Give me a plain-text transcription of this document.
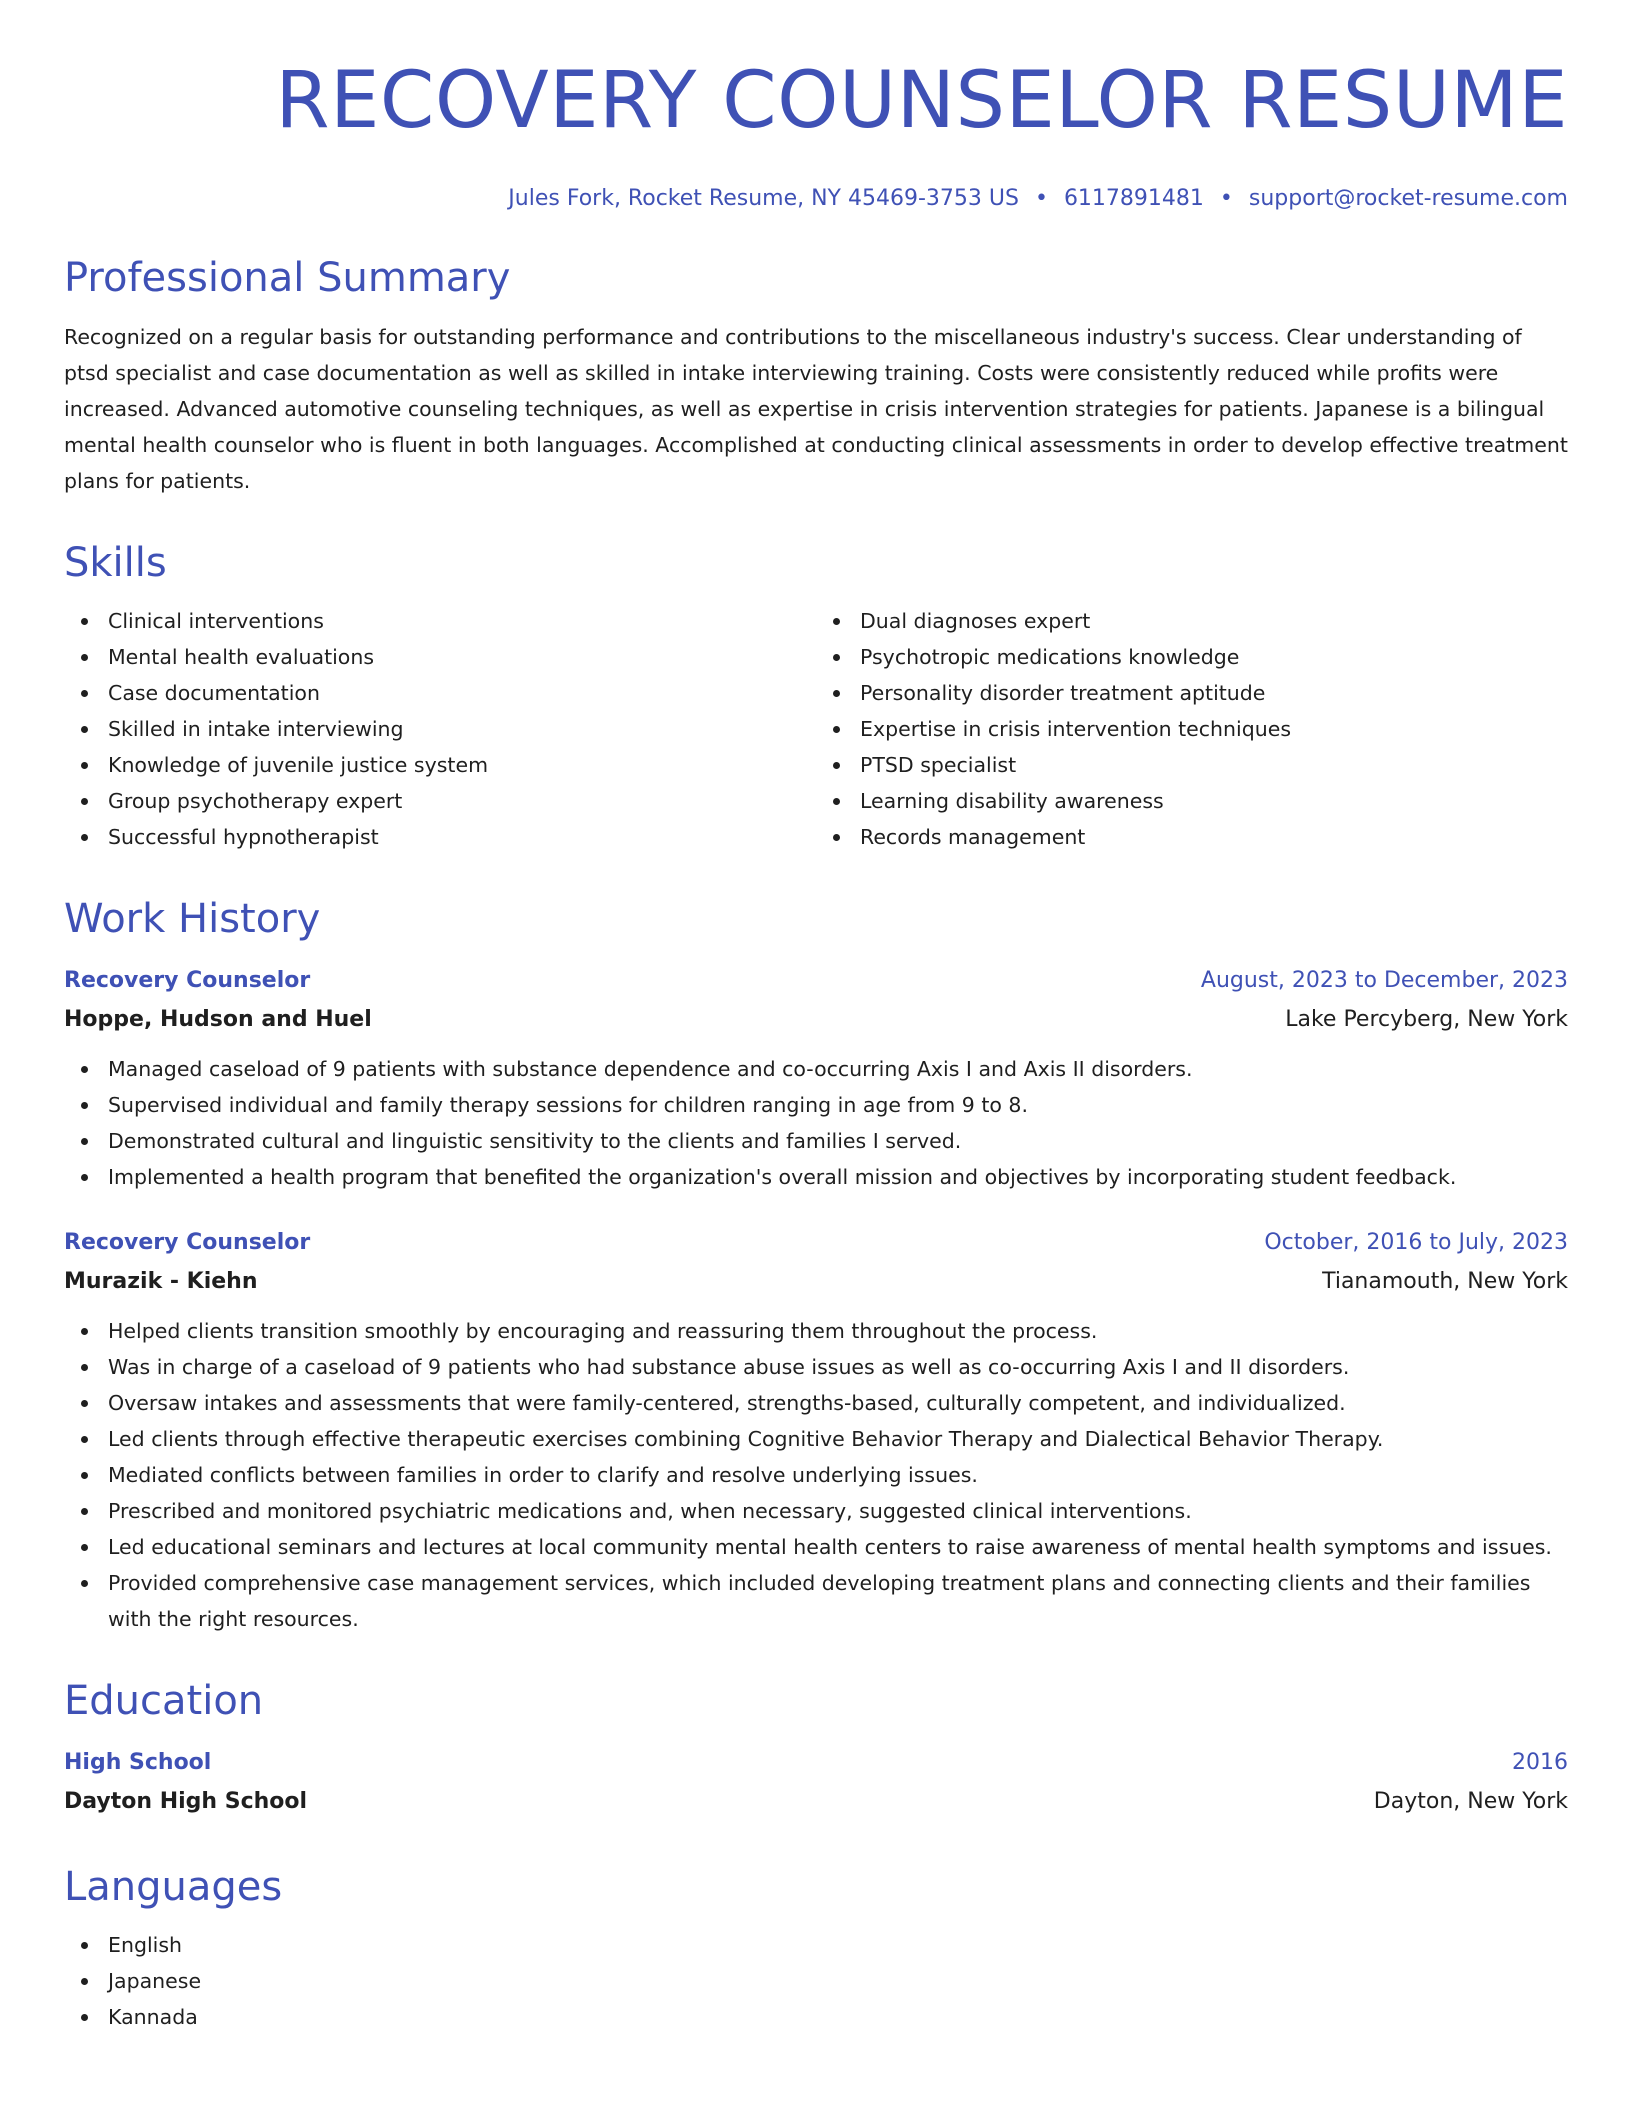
RECOVERY COUNSELOR RESUME
Jules Fork, Rocket Resume, NY 45469-3753 US • 6117891481 • support@rocket-resume.com
Professional Summary

Recognized on a regular basis for outstanding performance and contributions to the miscellaneous industry's success. Clear understanding of ptsd specialist and case documentation as well as skilled in intake interviewing training. Costs were consistently reduced while profits were increased. Advanced automotive counseling techniques, as well as expertise in crisis intervention strategies for patients. Japanese is a bilingual mental health counselor who is fluent in both languages. Accomplished at conducting clinical assessments in order to develop effective treatment plans for patients.

Skills
Clinical interventions
Mental health evaluations
Case documentation
Skilled in intake interviewing
Knowledge of juvenile justice system
Group psychotherapy expert
Successful hypnotherapist
Dual diagnoses expert
Psychotropic medications knowledge
Personality disorder treatment aptitude
Expertise in crisis intervention techniques
PTSD specialist
Learning disability awareness
Records management
Work History
Recovery Counselor	August, 2023 to December, 2023
Hoppe, Hudson and Huel	Lake Percyberg, New York
Managed caseload of 9 patients with substance dependence and co-occurring Axis I and Axis II disorders.
Supervised individual and family therapy sessions for children ranging in age from 9 to 8.
Demonstrated cultural and linguistic sensitivity to the clients and families I served.
Implemented a health program that benefited the organization's overall mission and objectives by incorporating student feedback.
Recovery Counselor	October, 2016 to July, 2023
Murazik - Kiehn	Tianamouth, New York
Helped clients transition smoothly by encouraging and reassuring them throughout the process.
Was in charge of a caseload of 9 patients who had substance abuse issues as well as co-occurring Axis I and II disorders.
Oversaw intakes and assessments that were family-centered, strengths-based, culturally competent, and individualized.
Led clients through effective therapeutic exercises combining Cognitive Behavior Therapy and Dialectical Behavior Therapy.
Mediated conflicts between families in order to clarify and resolve underlying issues.
Prescribed and monitored psychiatric medications and, when necessary, suggested clinical interventions.
Led educational seminars and lectures at local community mental health centers to raise awareness of mental health symptoms and issues.
Provided comprehensive case management services, which included developing treatment plans and connecting clients and their families with the right resources.
Education
High School	2016
Dayton High School	Dayton, New York
Languages
English
Japanese
Kannada
